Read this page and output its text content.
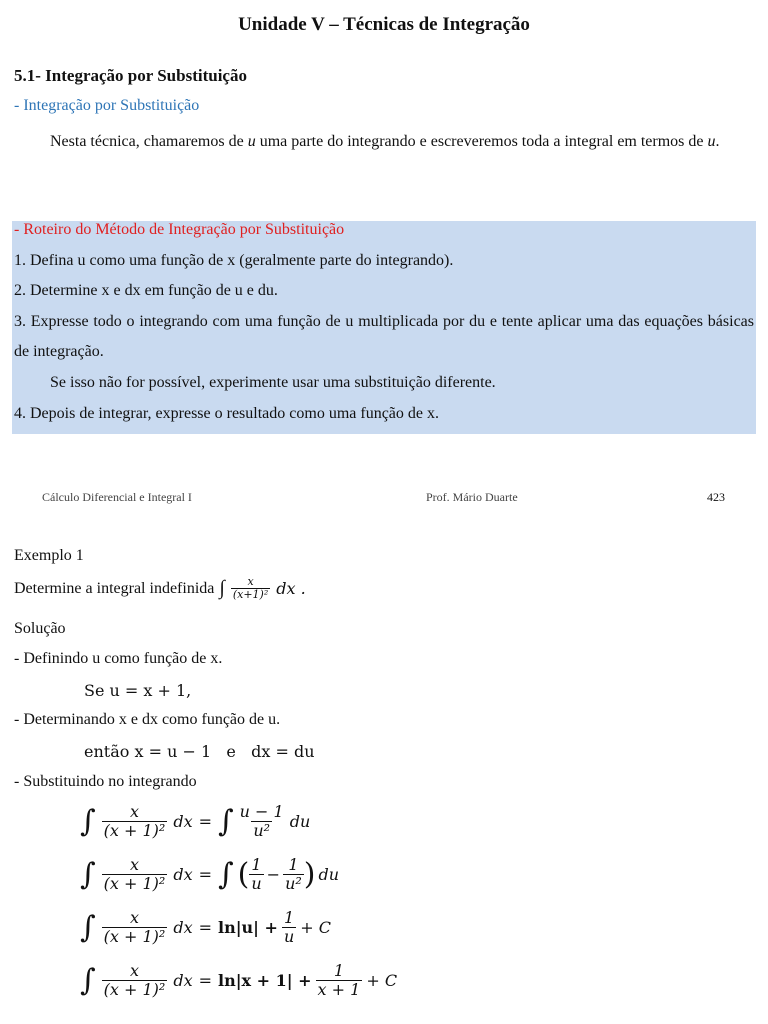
Unidade V – Técnicas de Integração
5.1- Integração por Substituição
- Integração por Substituição
Nesta técnica, chamaremos de u uma parte do integrando e escreveremos toda a integral em termos de u.
- Roteiro do Método de Integração por Substituição
1. Defina u como uma função de x (geralmente parte do integrando).
2. Determine x e dx em função de u e du.
3. Expresse todo o integrando com uma função de u multiplicada por du e tente aplicar uma das equações básicas de integração.
Se isso não for possível, experimente usar uma substituição diferente.
4. Depois de integrar, expresse o resultado como uma função de x.
Cálculo Diferencial e Integral I	Prof. Mário Duarte	423
Exemplo 1
Determine a integral indefinida ∫ $\frac{x}{\text{(x+1)²}}$ dx .
Solução
- Definindo u como função de x.
Se u = x + 1,
- Determinando x e dx como função de u.
então x = u − 1   e   dx = du
- Substituindo no integrando
∫ $\frac{x}{\text{(x + 1)²}}$ dx = ∫ $\frac{u - 1}{\text{u²}}$ du
∫ $\frac{x}{\text{(x + 1)²}}$ dx = ∫ ( $\frac{1}{u} - \frac{1}{\text{u²}}$ ) du
∫ $\frac{x}{\text{(x + 1)²}}$ dx = $\ln|u| + \frac{1}{u} + C$
∫ $\frac{x}{\text{(x + 1)²}}$ dx = $\ln|x + 1| + \frac{1}{x + 1} + C$
